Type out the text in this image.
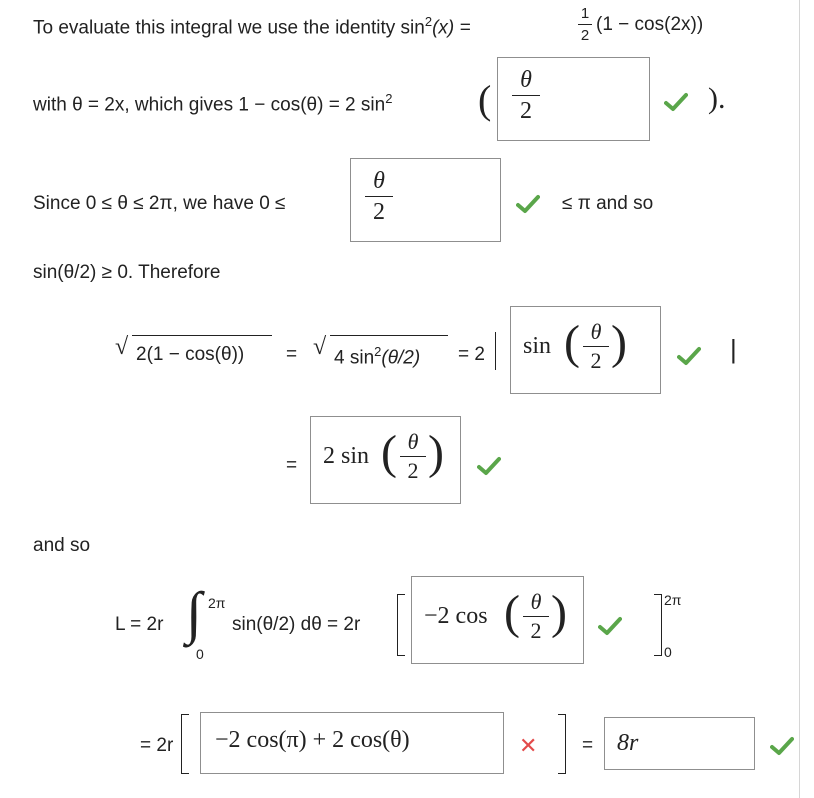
To evaluate this integral we use the identity $\sin^2(x)$ =
1
2
(1 − cos(2x))
with θ = 2x, which gives 1 − cos(θ) = 2 $\sin^2$ (	θ
2	).
Since 0 ≤ θ ≤ 2π, we have 0 ≤
θ
2	≤ π and so
sin(θ/2) ≥ 0. Therefore
√ 2(1 − cos(θ)) = √ 4 $\sin^2(\theta/2) = 2$ sin ( θ
2 )	|
= 2 sin ( θ
2 )
and so
L = 2r ∫ 2π
0
sin(θ/2) dθ = 2r	−2 cos ( θ
2 )	2π
0
= 2r −2 cos(π) + 2 cos(θ)	✕ = 8r
